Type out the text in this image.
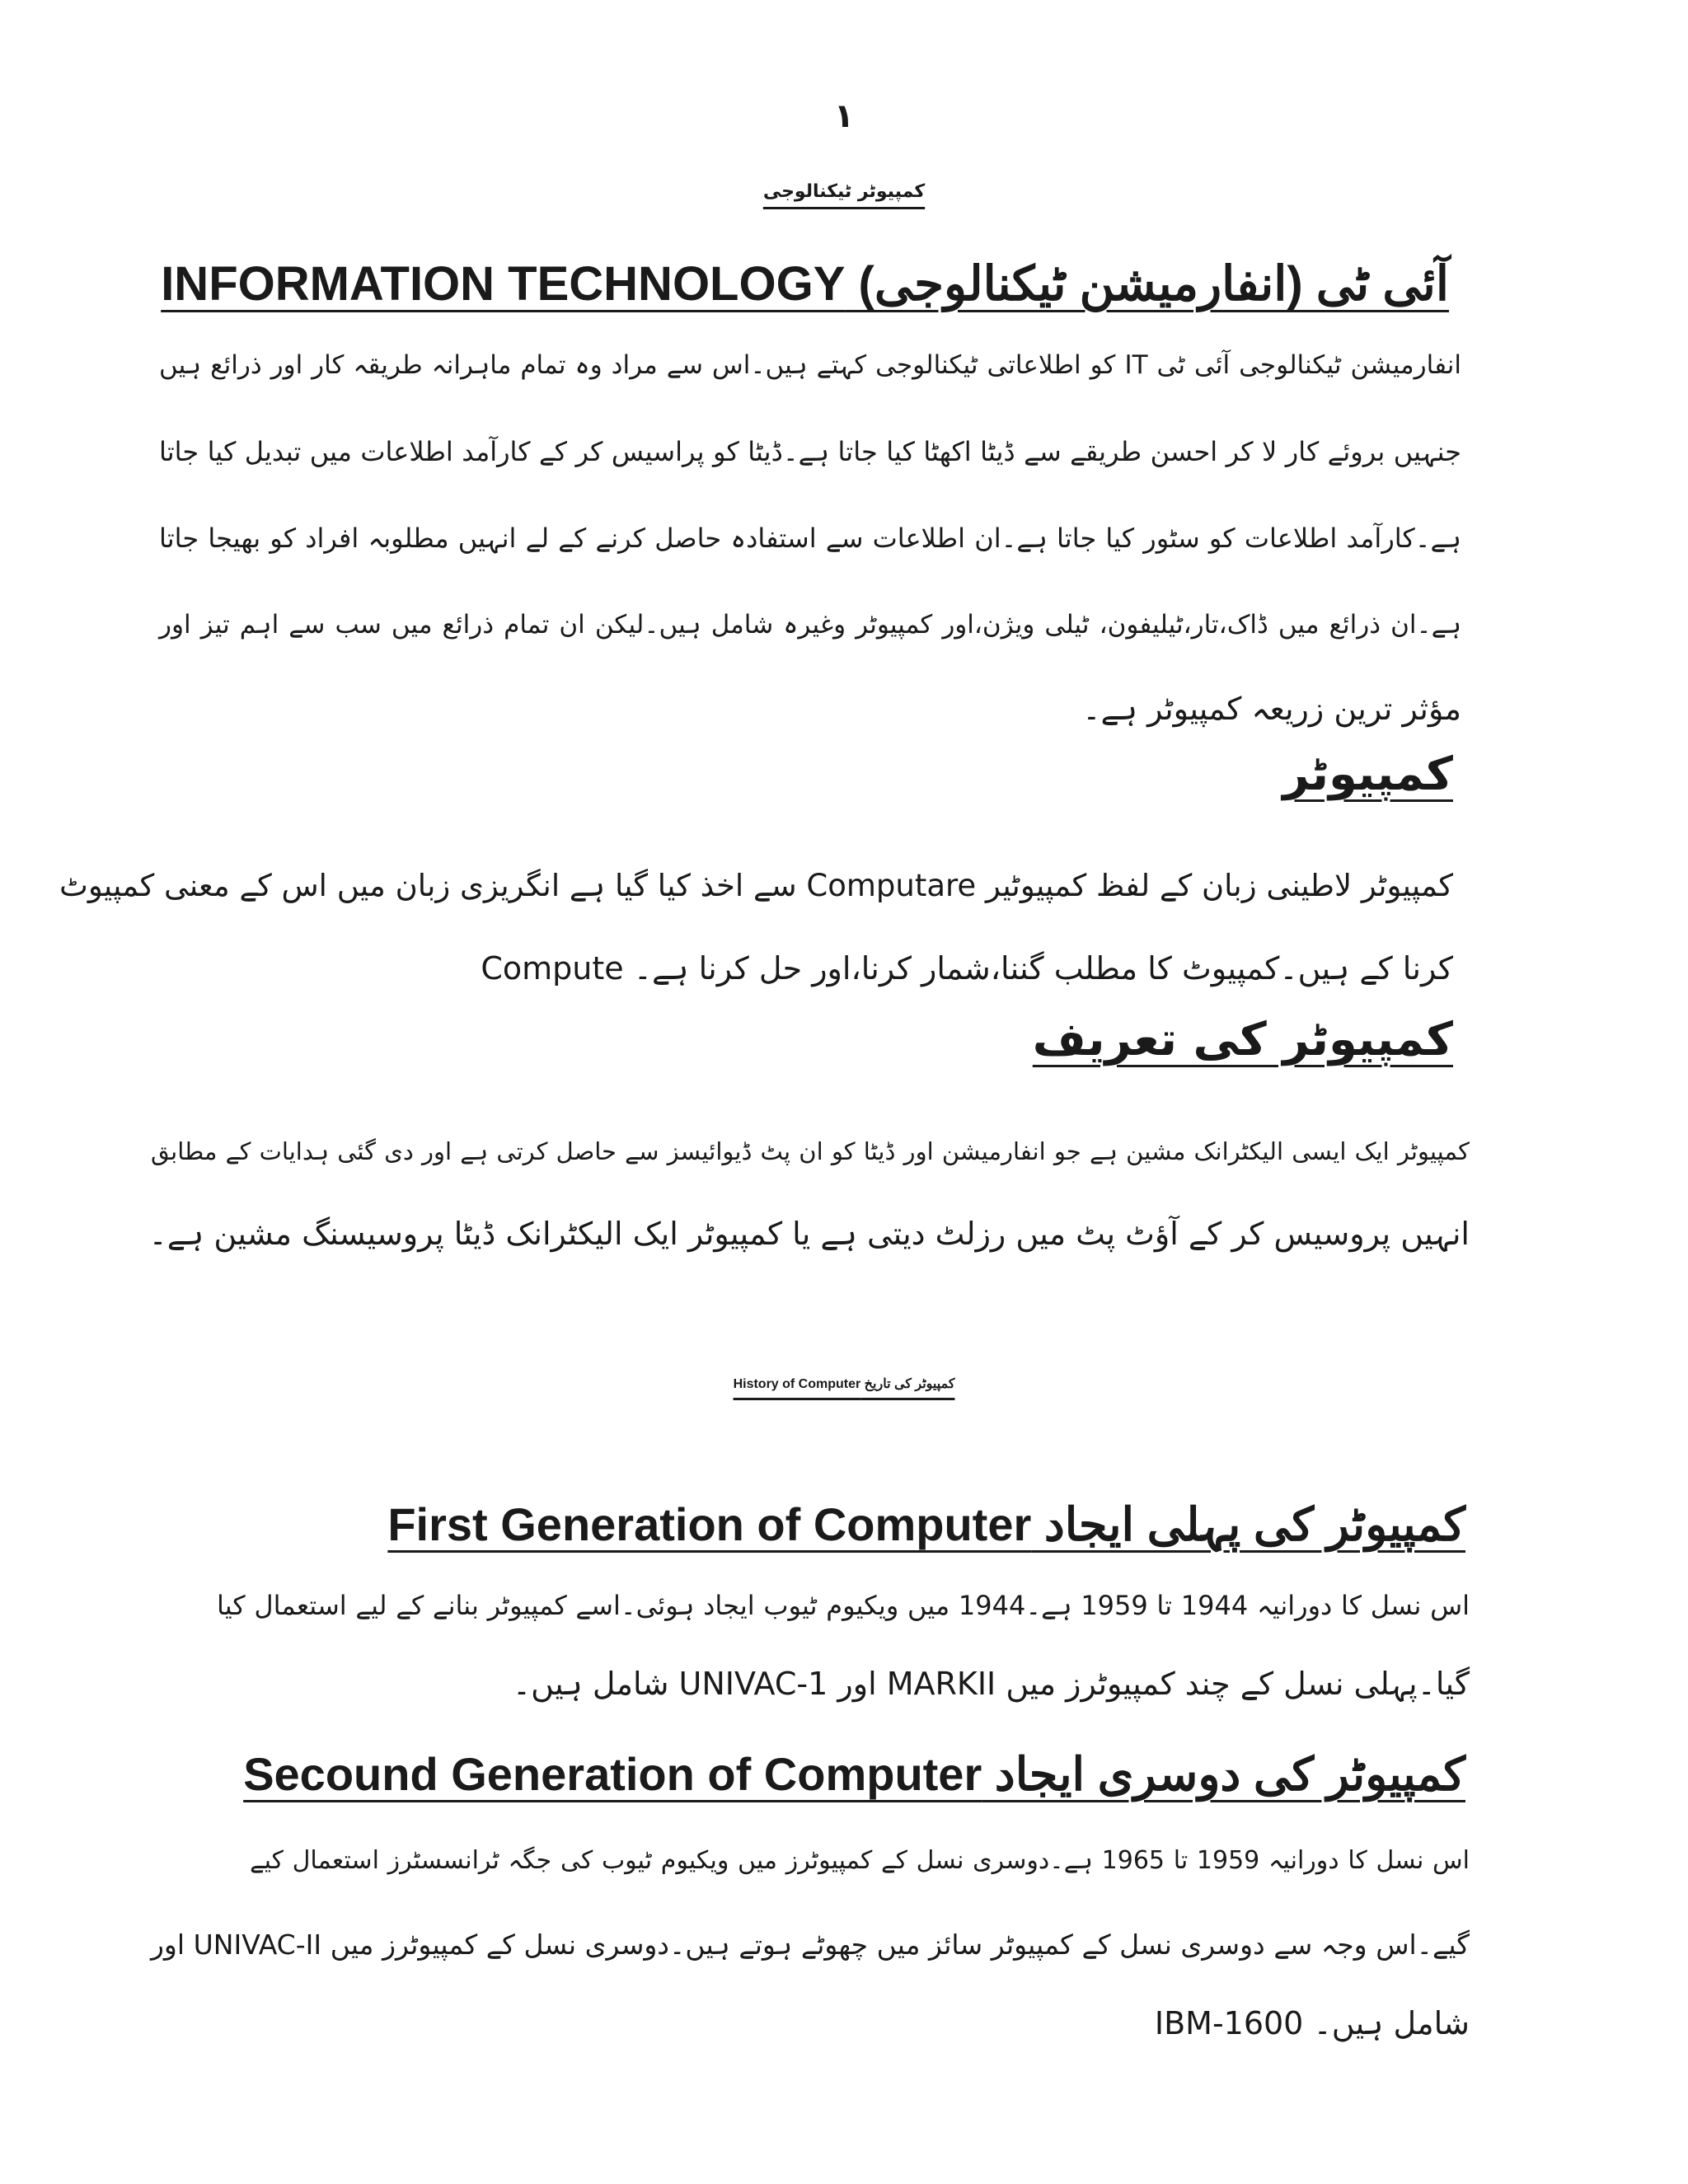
۱
کمپیوٹر ٹیکنالوجی
آئی ٹی (انفارمیشن ٹیکنالوجی) INFORMATION TECHNOLOGY
انفارمیشن ٹیکنالوجی آئی ٹی IT کو اطلاعاتی ٹیکنالوجی کہتے ہیں۔اس سے مراد وہ تمام ماہرانہ طریقہ کار اور ذرائع ہیں
جنہیں بروئے کار لا کر احسن طریقے سے ڈیٹا اکھٹا کیا جاتا ہے۔ڈیٹا کو پراسیس کر کے کارآمد اطلاعات میں تبدیل کیا جاتا
ہے۔کارآمد اطلاعات کو سٹور کیا جاتا ہے۔ان اطلاعات سے استفادہ حاصل کرنے کے لے انہیں مطلوبہ افراد کو بھیجا جاتا
ہے۔ان ذرائع میں ڈاک،تار،ٹیلیفون، ٹیلی ویژن،اور کمپیوٹر وغیرہ شامل ہیں۔لیکن ان تمام ذرائع میں سب سے اہم تیز اور
مؤثر ترین زریعہ کمپیوٹر ہے۔
کمپیوٹر
کمپیوٹر لاطینی زبان کے لفظ کمپیوٹیر Computare سے اخذ کیا گیا ہے انگریزی زبان میں اس کے معنی کمپیوٹ
Compute کرنا کے ہیں۔کمپیوٹ کا مطلب گننا،شمار کرنا،اور حل کرنا ہے۔
کمپیوٹر کی تعریف
کمپیوٹر ایک ایسی الیکٹرانک مشین ہے جو انفارمیشن اور ڈیٹا کو ان پٹ ڈیوائیسز سے حاصل کرتی ہے اور دی گئی ہدایات کے مطابق
انہیں پروسیس کر کے آؤٹ پٹ میں رزلٹ دیتی ہے یا کمپیوٹر ایک الیکٹرانک ڈیٹا پروسیسنگ مشین ہے۔
کمپیوٹر کی تاریخ History of Computer
کمپیوٹر کی پہلی ایجاد First Generation of Computer
اس نسل کا دورانیہ 1944 تا 1959 ہے۔1944 میں ویکیوم ٹیوب ایجاد ہوئی۔اسے کمپیوٹر بنانے کے لیے استعمال کیا
گیا۔پہلی نسل کے چند کمپیوٹرز میں MARKII اور UNIVAC-1 شامل ہیں۔
کمپیوٹر کی دوسری ایجاد Secound Generation of Computer
اس نسل کا دورانیہ 1959 تا 1965 ہے۔دوسری نسل کے کمپیوٹرز میں ویکیوم ٹیوب کی جگہ ٹرانسسٹرز استعمال کیے
گیے۔اس وجہ سے دوسری نسل کے کمپیوٹر سائز میں چھوٹے ہوتے ہیں۔دوسری نسل کے کمپیوٹرز میں UNIVAC-II اور
IBM-1600 شامل ہیں۔
